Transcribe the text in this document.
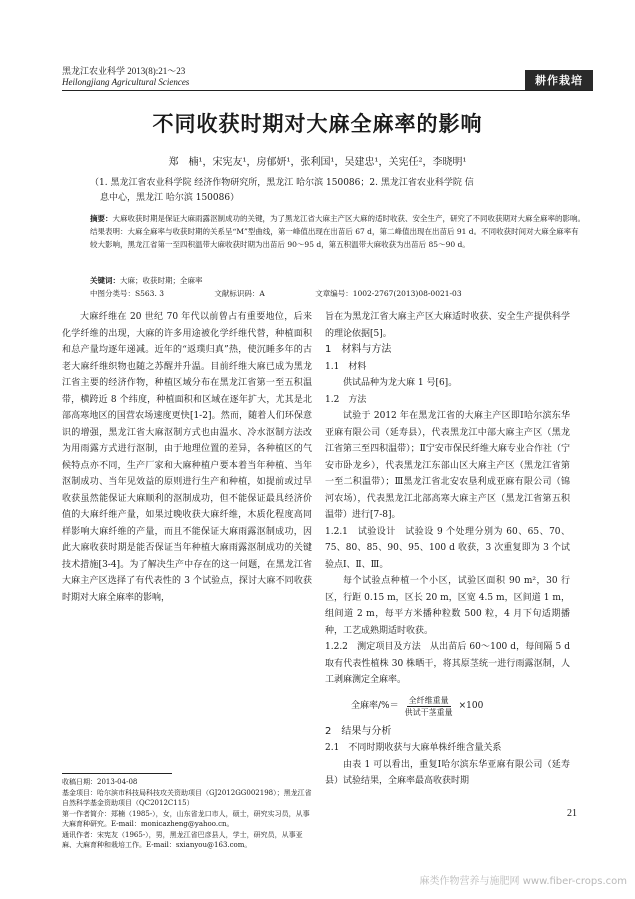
黑龙江农业科学 2013(8):21～23
Heilongjiang Agricultural Sciences	耕作栽培
不同收获时期对大麻全麻率的影响
郑　楠¹，宋宪友¹，房郁妍¹，张利国¹，吴建忠¹，关宪任²，李晓明¹
（1. 黑龙江省农业科学院 经济作物研究所，黑龙江 哈尔滨 150086；2. 黑龙江省农业科学院 信
息中心，黑龙江 哈尔滨 150086）
摘要：大麻收获时期是保证大麻雨露沤制成功的关键，为了黑龙江省大麻主产区大麻的适时收获、安全生产，研究了不同收获期对大麻全麻率的影响。结果表明：大麻全麻率与收获时期的关系呈“M”型曲线，第一峰值出现在出苗后 67 d，第二峰值出现在出苗后 91 d。不同收获时间对大麻全麻率有较大影响，黑龙江省第一至四积温带大麻收获时期为出苗后 90～95 d，第五积温带大麻收获为出苗后 85～90 d。
关键词：大麻；收获时期；全麻率
中图分类号：S563. 3	文献标识码：A	文章编号：1002-2767(2013)08-0021-03

大麻纤维在 20 世纪 70 年代以前曾占有重要地位，后来化学纤维的出现，大麻的许多用途被化学纤维代替，种植面积和总产量均逐年递减。近年的“返璞归真”热，使沉睡多年的古老大麻纤维织物也随之苏醒并升温。目前纤维大麻已成为黑龙江省主要的经济作物，种植区域分布在黑龙江省第一至五积温带，横跨近 8 个纬度，种植面积和区域在逐年扩大，尤其是北部高寒地区的国营农场速度更快[1-2]。然而，随着人们环保意识的增强，黑龙江省大麻沤制方式也由温水、冷水沤制方法改为用雨露方式进行沤制，由于地理位置的差异，各种植区的气候特点亦不同，生产厂家和大麻种植户要本着当年种植、当年沤制成功、当年见效益的原则进行生产和种植，如提前或过早收获虽然能保证大麻顺利的沤制成功，但不能保证最具经济价值的大麻纤维产量，如果过晚收获大麻纤维，木质化程度高同样影响大麻纤维的产量，而且不能保证大麻雨露沤制成功，因此大麻收获时期是能否保证当年种植大麻雨露沤制成功的关键技术措施[3-4]。为了解决生产中存在的这一问题，在黑龙江省大麻主产区选择了有代表性的 3 个试验点，探讨大麻不同收获时期对大麻全麻率的影响，

旨在为黑龙江省大麻主产区大麻适时收获、安全生产提供科学的理论依据[5]。

1　材料与方法

1.1　材料

供试品种为龙大麻 1 号[6]。

1.2　方法

试验于 2012 年在黑龙江省的大麻主产区即Ⅰ哈尔滨东华亚麻有限公司（延寿县），代表黑龙江中部大麻主产区（黑龙江省第三至四积温带）；Ⅱ宁安市保民纤维大麻专业合作社（宁安市卧龙乡），代表黑龙江东部山区大麻主产区（黑龙江省第一至二积温带）；Ⅲ黑龙江省北安农垦利成亚麻有限公司（锦河农场），代表黑龙江北部高寒大麻主产区（黑龙江省第五积温带）进行[7-8]。

1.2.1　试验设计　 试验设 9 个处理分别为 60、65、70、75、80、85、90、95、100 d 收获，3 次重复即为 3 个试验点Ⅰ、Ⅱ、Ⅲ。

每个试验点种植一个小区，试验区面积 90 m²，30 行区，行距 0.15 m，区长 20 m，区宽 4.5 m，区间道 1 m，组间道 2 m，每平方米播种粒数 500 粒，4 月下旬适期播种，工艺成熟期适时收获。

1.2.2　测定项目及方法　 从出苗后 60～100 d，每间隔 5 d 取有代表性植株 30 株晒干，将其原茎统一进行雨露沤制，人工剥麻测定全麻率。

全麻率/%＝ $\frac{\text{全纤维重量}}{\text{供试干茎重量}} \times 100$

2　结果与分析

2.1　不同时期收获与大麻单株纤维含量关系

由表 1 可以看出，重复Ⅰ哈尔滨东华亚麻有限公司（延寿县）试验结果，全麻率最高收获时期

收稿日期：2013-04-08

基金项目：哈尔滨市科技局科技攻关资助项目（GJ2012GG002198）；黑龙江省自然科学基金资助项目（QC2012C115）

第一作者简介：郑楠（1985-），女，山东省龙口市人，硕士，研究实习员，从事大麻育种研究。E-mail：monicazheng@yahoo.cn。

通讯作者：宋宪友（1965-），男，黑龙江省巴彦县人，学士，研究员，从事亚麻、大麻育种和栽培工作。E-mail：sxianyou@163.com。

21
麻类作物营养与施肥网 www.fiber-crops.com
